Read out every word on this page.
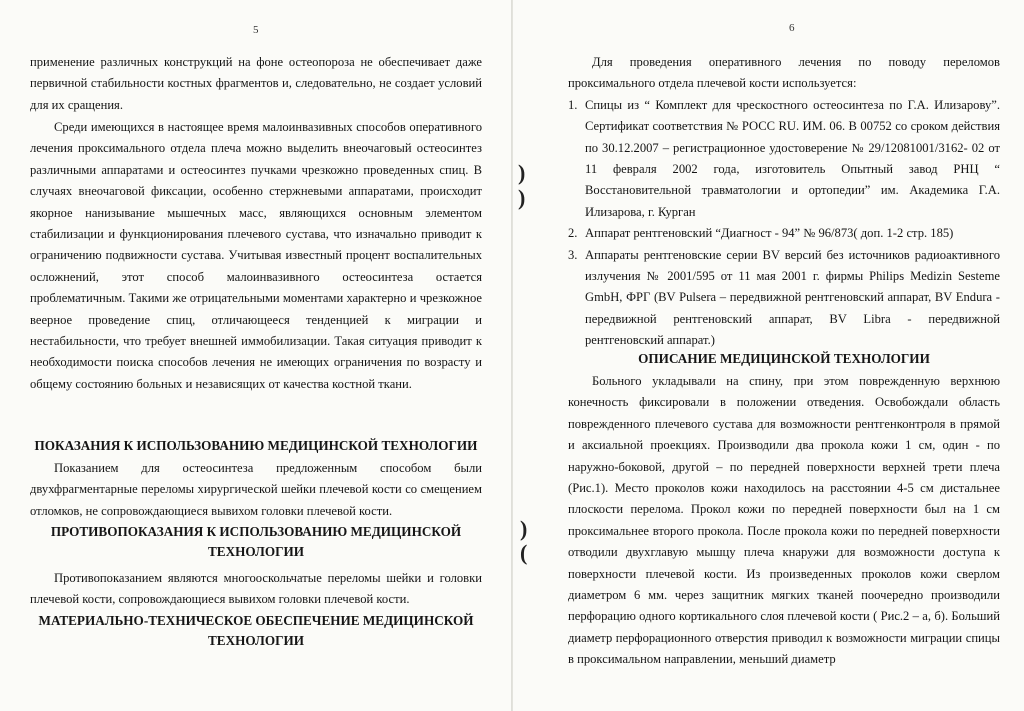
5

применение различных конструкций на фоне остеопороза не обеспечивает даже первичной стабильности костных фрагментов и, следовательно, не создает условий для их сращения.

Среди имеющихся в настоящее время малоинвазивных способов оперативного лечения проксимального отдела плеча можно выделить внеочаговый остеосинтез различными аппаратами и остеосинтез пучками чрезкожно проведенных спиц. В случаях внеочаговой фиксации, особенно стержневыми аппаратами, происходит якорное нанизывание мышечных масс, являющихся основным элементом стабилизации и функционирования плечевого сустава, что изначально приводит к ограничению подвижности сустава. Учитывая известный процент воспалительных осложнений, этот способ малоинвазивного остеосинтеза остается проблематичным. Такими же отрицательными моментами характерно и чрезкожное веерное проведение спиц, отличающееся тенденцией к миграции и нестабильности, что требует внешней иммобилизации. Такая ситуация приводит к необходимости поиска способов лечения не имеющих ограничения по возрасту и общему состоянию больных и независящих от качества костной ткани.

ПОКАЗАНИЯ К ИСПОЛЬЗОВАНИЮ МЕДИЦИНСКОЙ ТЕХНОЛОГИИ

Показанием для остеосинтеза предложенным способом были двухфрагментарные переломы хирургической шейки плечевой кости со смещением отломков, не сопровождающиеся вывихом головки плечевой кости.

ПРОТИВОПОКАЗАНИЯ К ИСПОЛЬЗОВАНИЮ МЕДИЦИНСКОЙ
ТЕХНОЛОГИИ

Противопоказанием являются многооскольчатые переломы шейки и головки плечевой кости, сопровождающиеся вывихом головки плечевой кости.

МАТЕРИАЛЬНО-ТЕХНИЧЕСКОЕ ОБЕСПЕЧЕНИЕ МЕДИЦИНСКОЙ
ТЕХНОЛОГИИ
)
)
)
(
6

Для проведения оперативного лечения по поводу переломов проксимального отдела плечевой кости используется:

1. Спицы из “ Комплект для чрескостного остеосинтеза по Г.А. Илизарову”. Сертификат соответствия № РОСС RU. ИМ. 06. В 00752 со сроком действия по 30.12.2007 – регистрационное удостоверение № 29/12081001/3162- 02 от 11 февраля 2002 года, изготовитель Опытный завод РНЦ “ Восстановительной травматологии и ортопедии” им. Академика Г.А. Илизарова, г. Курган
2. Аппарат рентгеновский “Диагност - 94” № 96/873( доп. 1-2 стр. 185)
3. Аппараты рентгеновские серии BV версий без источников радиоактивного излучения № 2001/595 от 11 мая 2001 г. фирмы Philips Medizin Sesteme GmbH, ФРГ (BV Pulsera – передвижной рентгеновский аппарат, BV Endura - передвижной рентгеновский аппарат, BV Libra - передвижной рентгеновский аппарат.)
ОПИСАНИЕ МЕДИЦИНСКОЙ ТЕХНОЛОГИИ

Больного укладывали на спину, при этом поврежденную верхнюю конечность фиксировали в положении отведения. Освобождали область поврежденного плечевого сустава для возможности рентгенконтроля в прямой и аксиальной проекциях. Производили два прокола кожи 1 см, один - по наружно-боковой, другой – по передней поверхности верхней трети плеча (Рис.1). Место проколов кожи находилось на расстоянии 4-5 см дистальнее плоскости перелома. Прокол кожи по передней поверхности был на 1 см проксимальнее второго прокола. После прокола кожи по передней поверхности отводили двухглавую мышцу плеча кнаружи для возможности доступа к поверхности плечевой кости. Из произведенных проколов кожи сверлом диаметром 6 мм. через защитник мягких тканей поочередно производили перфорацию одного кортикального слоя плечевой кости ( Рис.2 – а, б). Больший диаметр перфорационного отверстия приводил к возможности миграции спицы в проксимальном направлении, меньший диаметр
